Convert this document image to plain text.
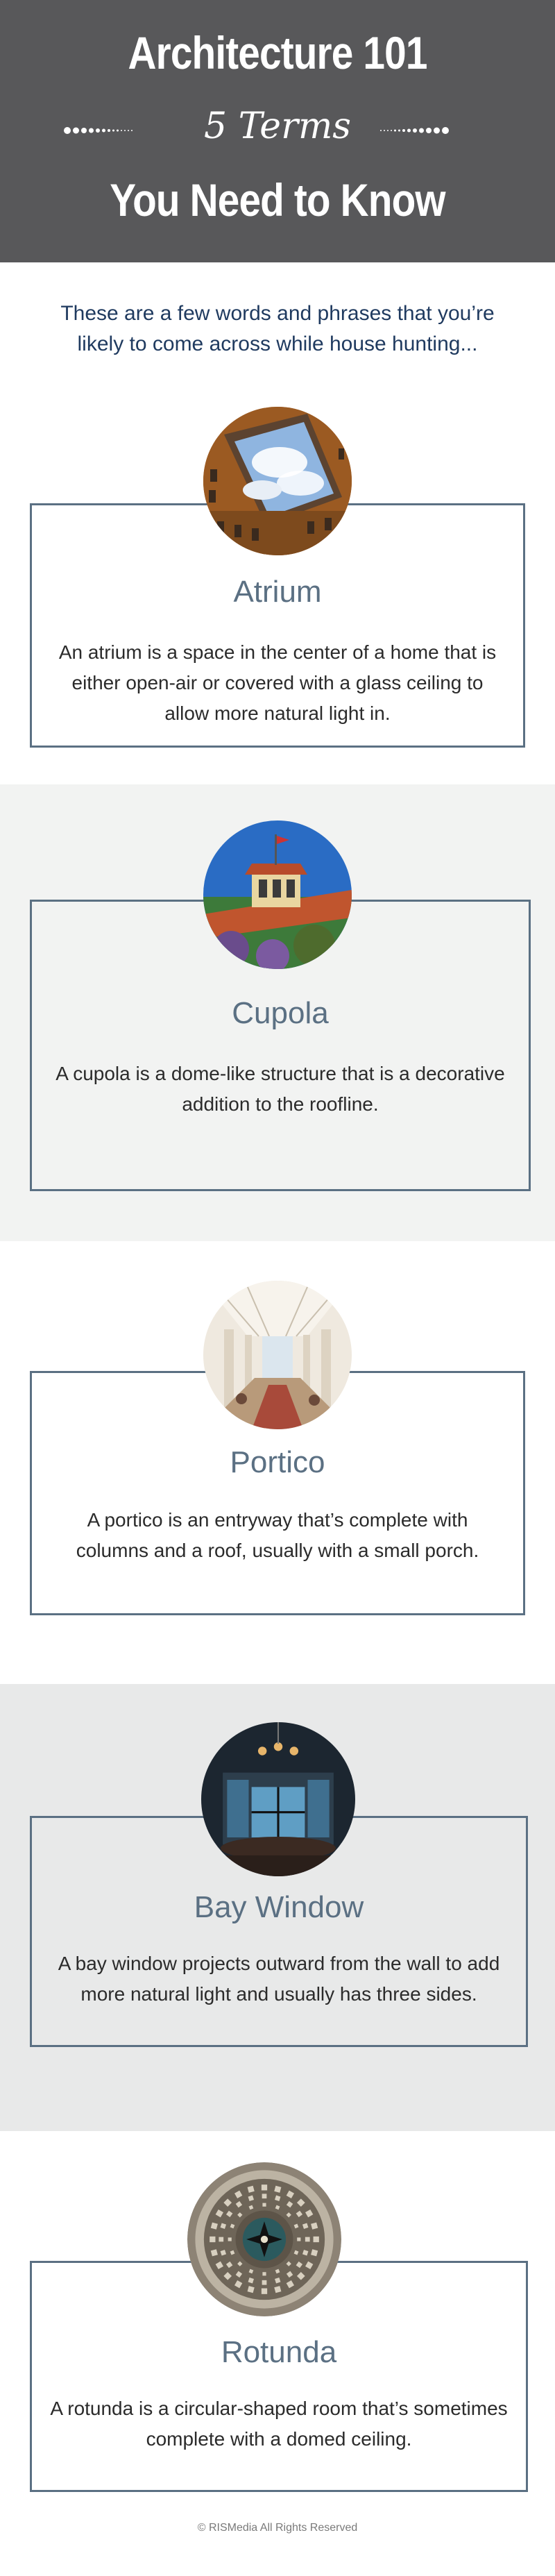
Architecture 101
5 Terms
You Need to Know
These are a few words and phrases that you’re likely to come across while house hunting...
Atrium
An atrium is a space in the center of a home that is either open-air or covered with a glass ceiling to allow more natural light in.
Cupola
A cupola is a dome-like structure that is a decorative addition to the roofline.
Portico
A portico is an entryway that’s complete with columns and a roof, usually with a small porch.
Bay Window
A bay window projects outward from the wall to add more natural light and usually has three sides.
Rotunda
A rotunda is a circular-shaped room that’s sometimes complete with a domed ceiling.
© RISMedia All Rights Reserved
